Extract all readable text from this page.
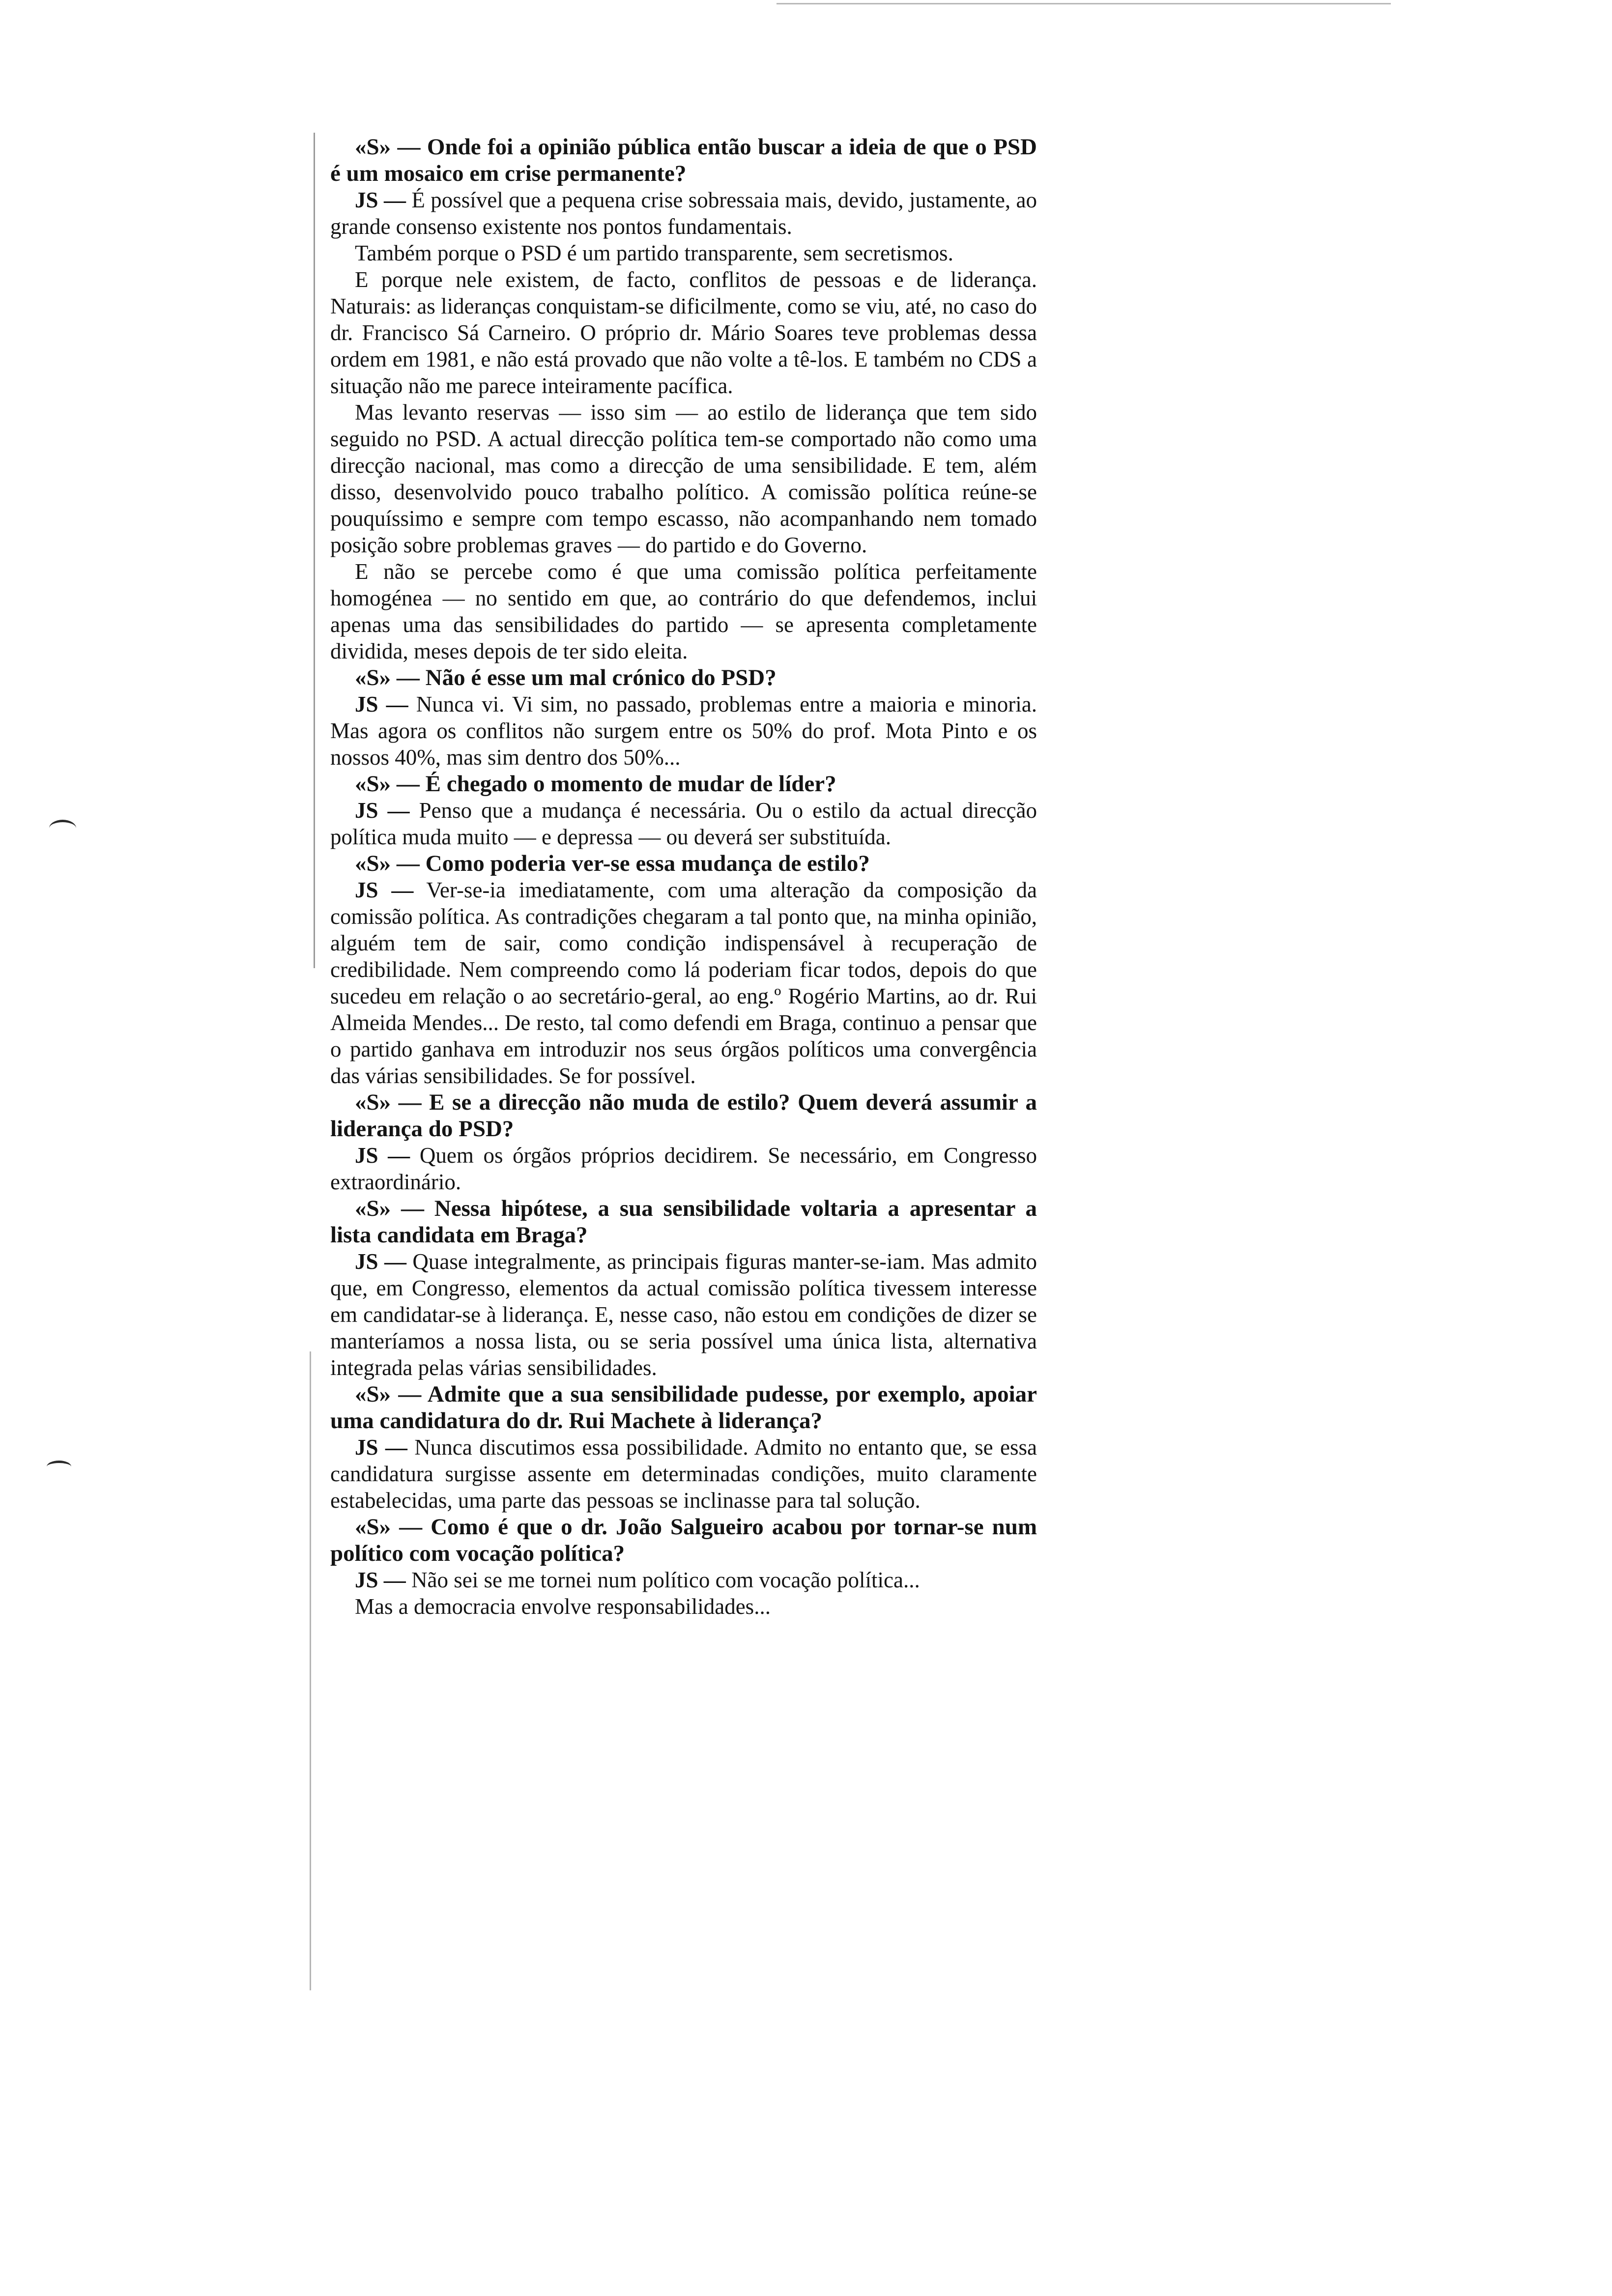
«S» — Onde foi a opinião pública então buscar a ideia de que o PSD é um mosaico em crise permanente?

JS — É possível que a pequena crise sobressaia mais, devido, justamente, ao grande consenso existente nos pontos fundamentais.

Também porque o PSD é um partido transparente, sem secretismos.

E porque nele existem, de facto, conflitos de pessoas e de liderança. Naturais: as lideranças conquistam-se dificilmente, como se viu, até, no caso do dr. Francisco Sá Carneiro. O próprio dr. Mário Soares teve problemas dessa ordem em 1981, e não está provado que não volte a tê-los. E também no CDS a situação não me parece inteiramente pacífica.

Mas levanto reservas — isso sim — ao estilo de liderança que tem sido seguido no PSD. A actual direcção política tem-se comportado não como uma direcção nacional, mas como a direcção de uma sensibilidade. E tem, além disso, desenvolvido pouco trabalho político. A comissão política reúne-se pouquíssimo e sempre com tempo escasso, não acompanhando nem tomado posição sobre problemas graves — do partido e do Governo.

E não se percebe como é que uma comissão política perfeitamente homogénea — no sentido em que, ao contrário do que defendemos, inclui apenas uma das sensibilidades do partido — se apresenta completamente dividida, meses depois de ter sido eleita.

«S» — Não é esse um mal crónico do PSD?

JS — Nunca vi. Vi sim, no passado, problemas entre a maioria e minoria. Mas agora os conflitos não surgem entre os 50% do prof. Mota Pinto e os nossos 40%, mas sim dentro dos 50%...

«S» — É chegado o momento de mudar de líder?

JS — Penso que a mudança é necessária. Ou o estilo da actual direcção política muda muito — e depressa — ou deverá ser substituída.

«S» — Como poderia ver-se essa mudança de estilo?

JS — Ver-se-ia imediatamente, com uma alteração da composição da comissão política. As contradições chegaram a tal ponto que, na minha opinião, alguém tem de sair, como condição indispensável à recuperação de credibilidade. Nem compreendo como lá poderiam ficar todos, depois do que sucedeu em relação o ao secretário-geral, ao eng.º Rogério Martins, ao dr. Rui Almeida Mendes... De resto, tal como defendi em Braga, continuo a pensar que o partido ganhava em introduzir nos seus órgãos políticos uma convergência das várias sensibilidades. Se for possível.

«S» — E se a direcção não muda de estilo? Quem deverá assumir a liderança do PSD?

JS — Quem os órgãos próprios decidirem. Se necessário, em Congresso extraordinário.

«S» — Nessa hipótese, a sua sensibilidade voltaria a apresentar a lista candidata em Braga?

JS — Quase integralmente, as principais figuras manter-se-iam. Mas admito que, em Congresso, elementos da actual comissão política tivessem interesse em candidatar-se à liderança. E, nesse caso, não estou em condições de dizer se manteríamos a nossa lista, ou se seria possível uma única lista, alternativa integrada pelas várias sensibilidades.

«S» — Admite que a sua sensibilidade pudesse, por exemplo, apoiar uma candidatura do dr. Rui Machete à liderança?

JS — Nunca discutimos essa possibilidade. Admito no entanto que, se essa candidatura surgisse assente em determinadas condições, muito claramente estabelecidas, uma parte das pessoas se inclinasse para tal solução.

«S» — Como é que o dr. João Salgueiro acabou por tornar-se num político com vocação política?

JS — Não sei se me tornei num político com vocação política...

Mas a democracia envolve responsabilidades...
